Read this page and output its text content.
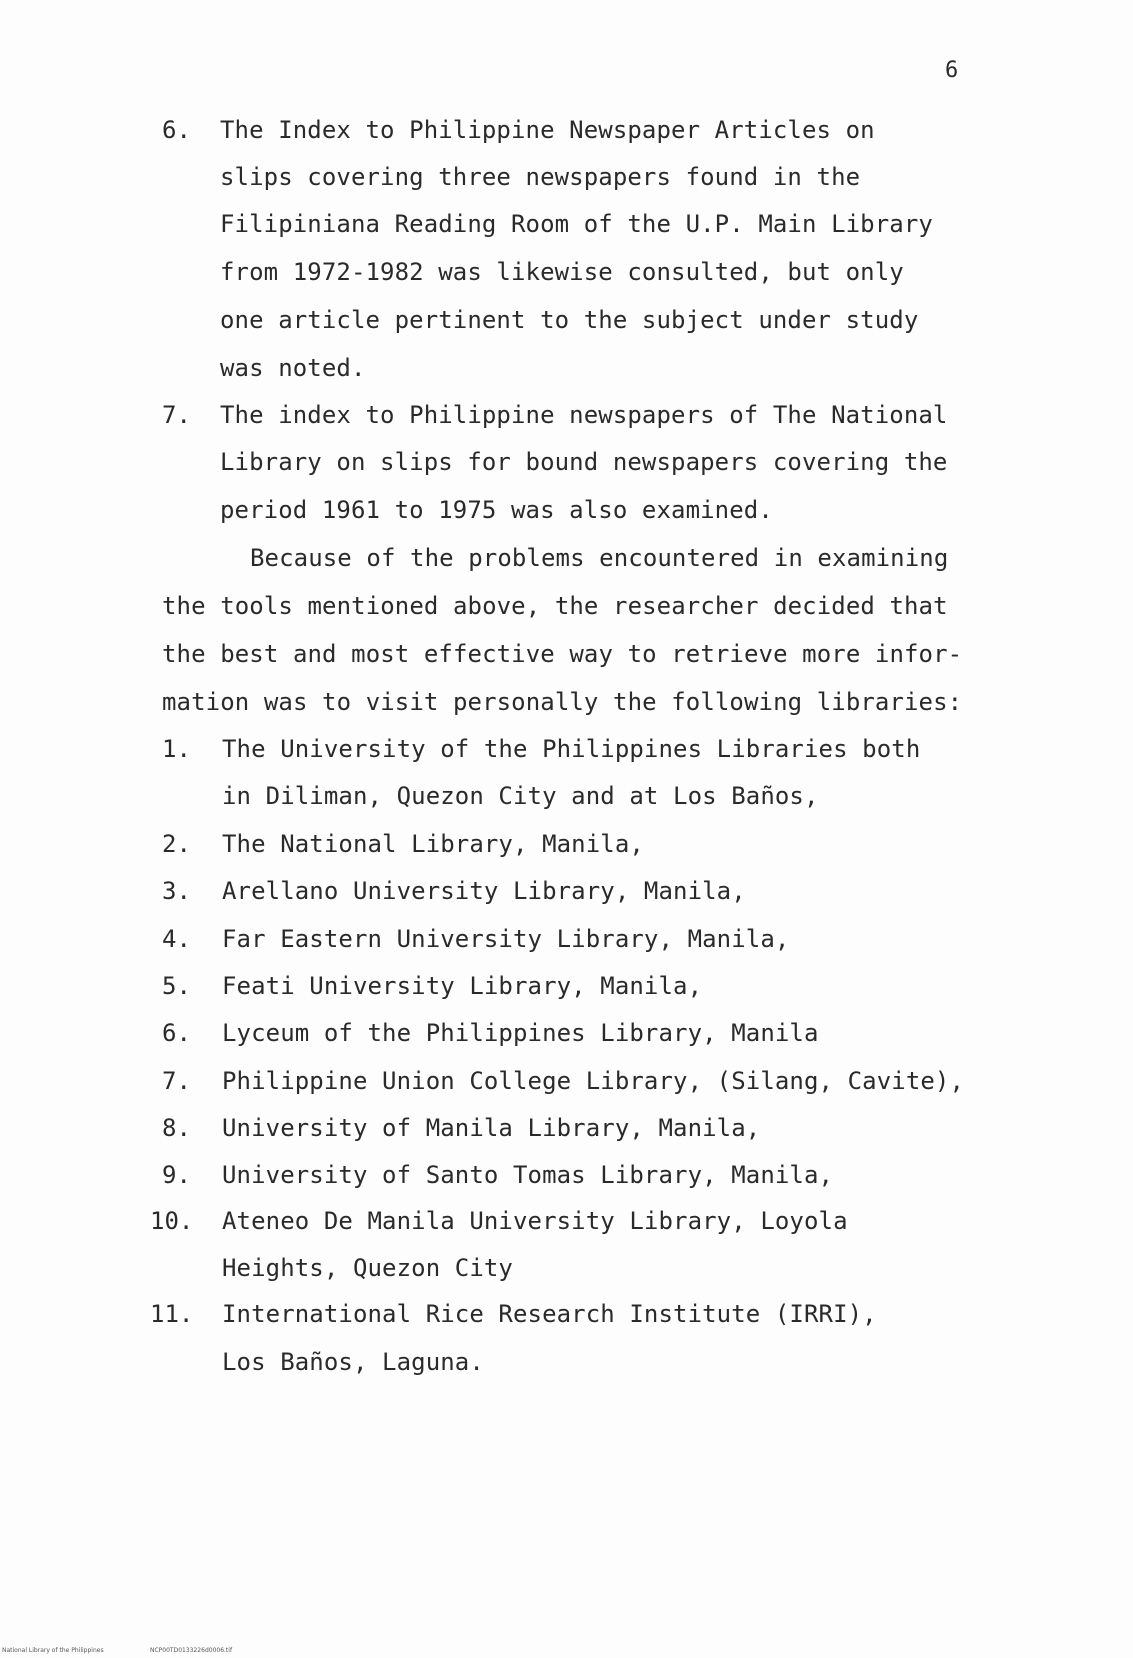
6
6. The Index to Philippine Newspaper Articles on
slips covering three newspapers found in the
Filipiniana Reading Room of the U.P. Main Library
from 1972-1982 was likewise consulted, but only
one article pertinent to the subject under study
was noted.
7. The index to Philippine newspapers of The National
Library on slips for bound newspapers covering the
period 1961 to 1975 was also examined.
Because of the problems encountered in examining
the tools mentioned above, the researcher decided that
the best and most effective way to retrieve more infor-
mation was to visit personally the following libraries:
1. The University of the Philippines Libraries both
in Diliman, Quezon City and at Los Baños,
2. The National Library, Manila,
3. Arellano University Library, Manila,
4. Far Eastern University Library, Manila,
5. Feati University Library, Manila,
6. Lyceum of the Philippines Library, Manila
7. Philippine Union College Library, (Silang, Cavite),
8. University of Manila Library, Manila,
9. University of Santo Tomas Library, Manila,
10. Ateneo De Manila University Library, Loyola
Heights, Quezon City
11. International Rice Research Institute (IRRI),
Los Baños, Laguna.
National Library of the Philippines	NCP00TD0133226d0006.tif
